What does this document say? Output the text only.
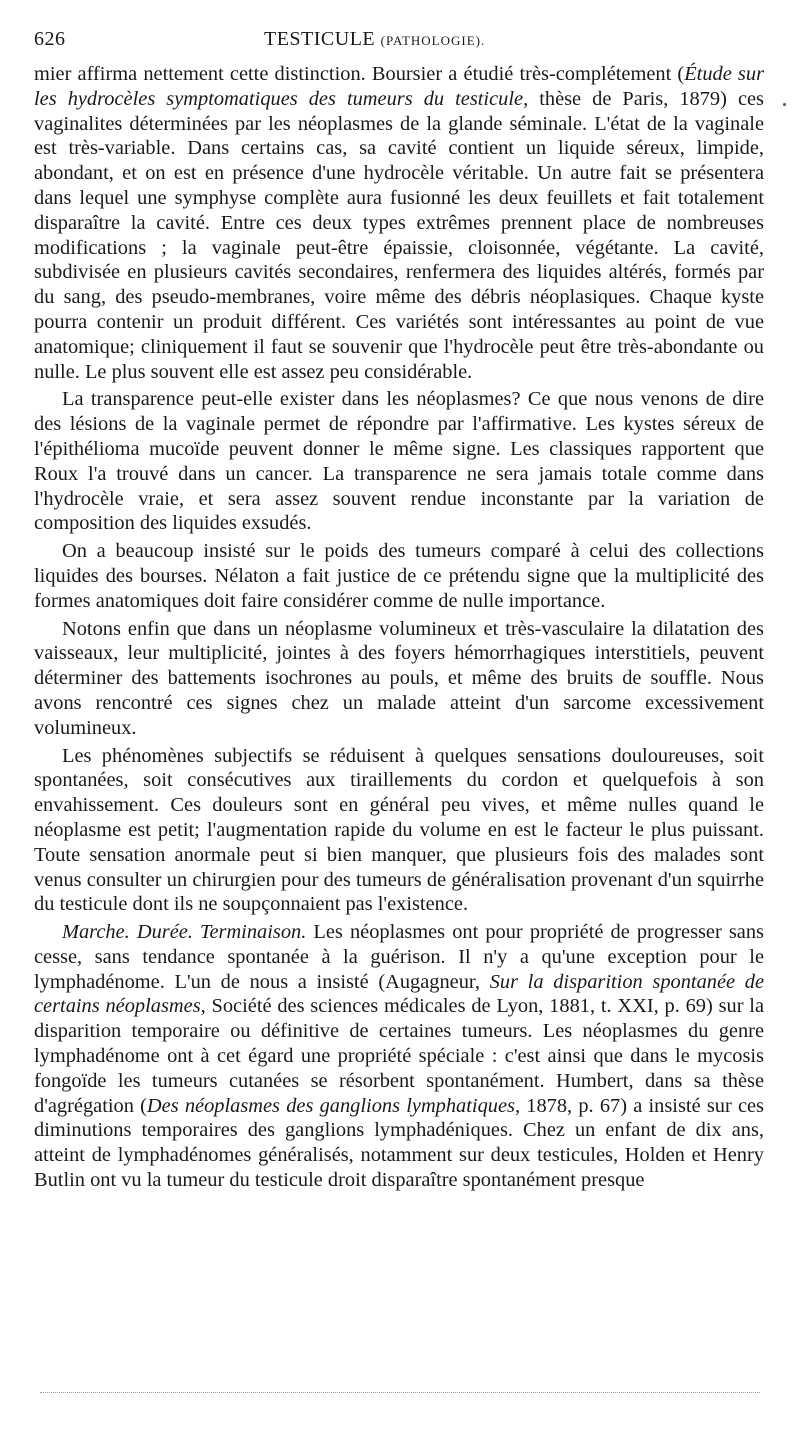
626	TESTICULE (PATHOLOGIE).

mier affirma nettement cette distinction. Boursier a étudié très-complétement (Étude sur les hydrocèles symptomatiques des tumeurs du testicule, thèse de Paris, 1879) ces vaginalites déterminées par les néoplasmes de la glande séminale. L'état de la vaginale est très-variable. Dans certains cas, sa cavité contient un liquide séreux, limpide, abondant, et on est en présence d'une hydrocèle véritable. Un autre fait se présentera dans lequel une symphyse complète aura fusionné les deux feuillets et fait totalement disparaître la cavité. Entre ces deux types extrêmes prennent place de nombreuses modifications ; la vaginale peut-être épaissie, cloisonnée, végétante. La cavité, subdivisée en plusieurs cavités secondaires, renfermera des liquides altérés, formés par du sang, des pseudo-membranes, voire même des débris néoplasiques. Chaque kyste pourra contenir un produit différent. Ces variétés sont intéressantes au point de vue anatomique; cliniquement il faut se souvenir que l'hydrocèle peut être très-abondante ou nulle. Le plus souvent elle est assez peu considérable.

La transparence peut-elle exister dans les néoplasmes? Ce que nous venons de dire des lésions de la vaginale permet de répondre par l'affirmative. Les kystes séreux de l'épithélioma mucoïde peuvent donner le même signe. Les classiques rapportent que Roux l'a trouvé dans un cancer. La transparence ne sera jamais totale comme dans l'hydrocèle vraie, et sera assez souvent rendue inconstante par la variation de composition des liquides exsudés.

On a beaucoup insisté sur le poids des tumeurs comparé à celui des collections liquides des bourses. Nélaton a fait justice de ce prétendu signe que la multiplicité des formes anatomiques doit faire considérer comme de nulle importance.

Notons enfin que dans un néoplasme volumineux et très-vasculaire la dilatation des vaisseaux, leur multiplicité, jointes à des foyers hémorrhagiques interstitiels, peuvent déterminer des battements isochrones au pouls, et même des bruits de souffle. Nous avons rencontré ces signes chez un malade atteint d'un sarcome excessivement volumineux.

Les phénomènes subjectifs se réduisent à quelques sensations douloureuses, soit spontanées, soit consécutives aux tiraillements du cordon et quelquefois à son envahissement. Ces douleurs sont en général peu vives, et même nulles quand le néoplasme est petit; l'augmentation rapide du volume en est le facteur le plus puissant. Toute sensation anormale peut si bien manquer, que plusieurs fois des malades sont venus consulter un chirurgien pour des tumeurs de généralisation provenant d'un squirrhe du testicule dont ils ne soupçonnaient pas l'existence.

Marche. Durée. Terminaison. Les néoplasmes ont pour propriété de progresser sans cesse, sans tendance spontanée à la guérison. Il n'y a qu'une exception pour le lymphadénome. L'un de nous a insisté (Augagneur, Sur la disparition spontanée de certains néoplasmes, Société des sciences médicales de Lyon, 1881, t. XXI, p. 69) sur la disparition temporaire ou définitive de certaines tumeurs. Les néoplasmes du genre lymphadénome ont à cet égard une propriété spéciale : c'est ainsi que dans le mycosis fongoïde les tumeurs cutanées se résorbent spontanément. Humbert, dans sa thèse d'agrégation (Des néoplasmes des ganglions lymphatiques, 1878, p. 67) a insisté sur ces diminutions temporaires des ganglions lymphadéniques. Chez un enfant de dix ans, atteint de lymphadénomes généralisés, notamment sur deux testicules, Holden et Henry Butlin ont vu la tumeur du testicule droit disparaître spontanément presque
